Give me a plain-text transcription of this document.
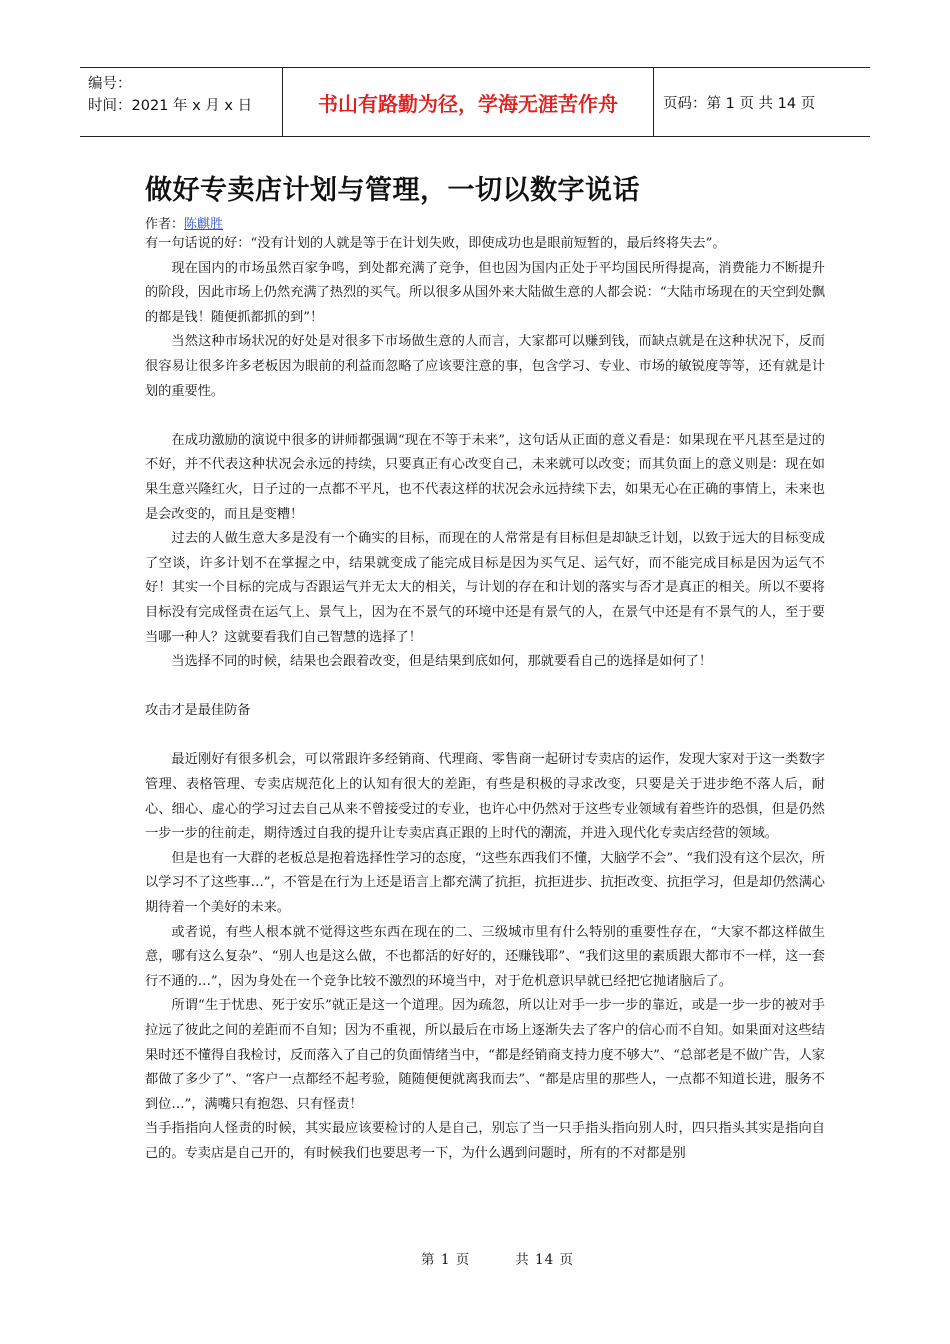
编号：
时间：2021 年 x 月 x 日	书山有路勤为径，学海无涯苦作舟	页码：第 1 页 共 14 页
做好专卖店计划与管理，一切以数字说话
作者：陈麒胜

有一句话说的好：“没有计划的人就是等于在计划失败，即使成功也是眼前短暂的，最后终将失去”。

现在国内的市场虽然百家争鸣，到处都充满了竞争，但也因为国内正处于平均国民所得提高，消费能力不断提升的阶段，因此市场上仍然充满了热烈的买气。所以很多从国外来大陆做生意的人都会说：“大陆市场现在的天空到处飘的都是钱！随便抓都抓的到”！

当然这种市场状况的好处是对很多下市场做生意的人而言，大家都可以赚到钱，而缺点就是在这种状况下，反而很容易让很多许多老板因为眼前的利益而忽略了应该要注意的事，包含学习、专业、市场的敏锐度等等，还有就是计划的重要性。

在成功激励的演说中很多的讲师都强调“现在不等于未来”，这句话从正面的意义看是：如果现在平凡甚至是过的不好，并不代表这种状况会永远的持续，只要真正有心改变自己，未来就可以改变；而其负面上的意义则是：现在如果生意兴隆红火，日子过的一点都不平凡，也不代表这样的状况会永远持续下去，如果无心在正确的事情上，未来也是会改变的，而且是变糟！

过去的人做生意大多是没有一个确实的目标，而现在的人常常是有目标但是却缺乏计划，以致于远大的目标变成了空谈，许多计划不在掌握之中，结果就变成了能完成目标是因为买气足、运气好，而不能完成目标是因为运气不好！其实一个目标的完成与否跟运气并无太大的相关，与计划的存在和计划的落实与否才是真正的相关。所以不要将目标没有完成怪责在运气上、景气上，因为在不景气的环境中还是有景气的人，在景气中还是有不景气的人，至于要当哪一种人？这就要看我们自己智慧的选择了！

当选择不同的时候，结果也会跟着改变，但是结果到底如何，那就要看自己的选择是如何了！

攻击才是最佳防备

最近刚好有很多机会，可以常跟许多经销商、代理商、零售商一起研讨专卖店的运作，发现大家对于这一类数字管理、表格管理、专卖店规范化上的认知有很大的差距，有些是积极的寻求改变，只要是关于进步绝不落人后，耐心、细心、虚心的学习过去自己从来不曾接受过的专业，也许心中仍然对于这些专业领域有着些许的恐惧，但是仍然一步一步的往前走，期待透过自我的提升让专卖店真正跟的上时代的潮流，并进入现代化专卖店经营的领域。

但是也有一大群的老板总是抱着选择性学习的态度，“这些东西我们不懂，大脑学不会”、“我们没有这个层次，所以学习不了这些事…”，不管是在行为上还是语言上都充满了抗拒，抗拒进步、抗拒改变、抗拒学习，但是却仍然满心期待着一个美好的未来。

或者说，有些人根本就不觉得这些东西在现在的二、三级城市里有什么特别的重要性存在，“大家不都这样做生意，哪有这么复杂”、“别人也是这么做，不也都活的好好的，还赚钱耶”、“我们这里的素质跟大都市不一样，这一套行不通的…”，因为身处在一个竞争比较不激烈的环境当中，对于危机意识早就已经把它抛诸脑后了。

所谓“生于忧患、死于安乐”就正是这一个道理。因为疏忽，所以让对手一步一步的靠近，或是一步一步的被对手拉远了彼此之间的差距而不自知；因为不重视，所以最后在市场上逐渐失去了客户的信心而不自知。如果面对这些结果时还不懂得自我检讨，反而落入了自己的负面情绪当中，“都是经销商支持力度不够大”、“总部老是不做广告，人家都做了多少了”、“客户一点都经不起考验，随随便便就离我而去”、“都是店里的那些人，一点都不知道长进，服务不到位…”，满嘴只有抱怨、只有怪责！

当手指指向人怪责的时候，其实最应该要检讨的人是自己，别忘了当一只手指头指向别人时，四只指头其实是指向自己的。专卖店是自己开的，有时候我们也要思考一下，为什么遇到问题时，所有的不对都是别

第 1 页	共 14 页
